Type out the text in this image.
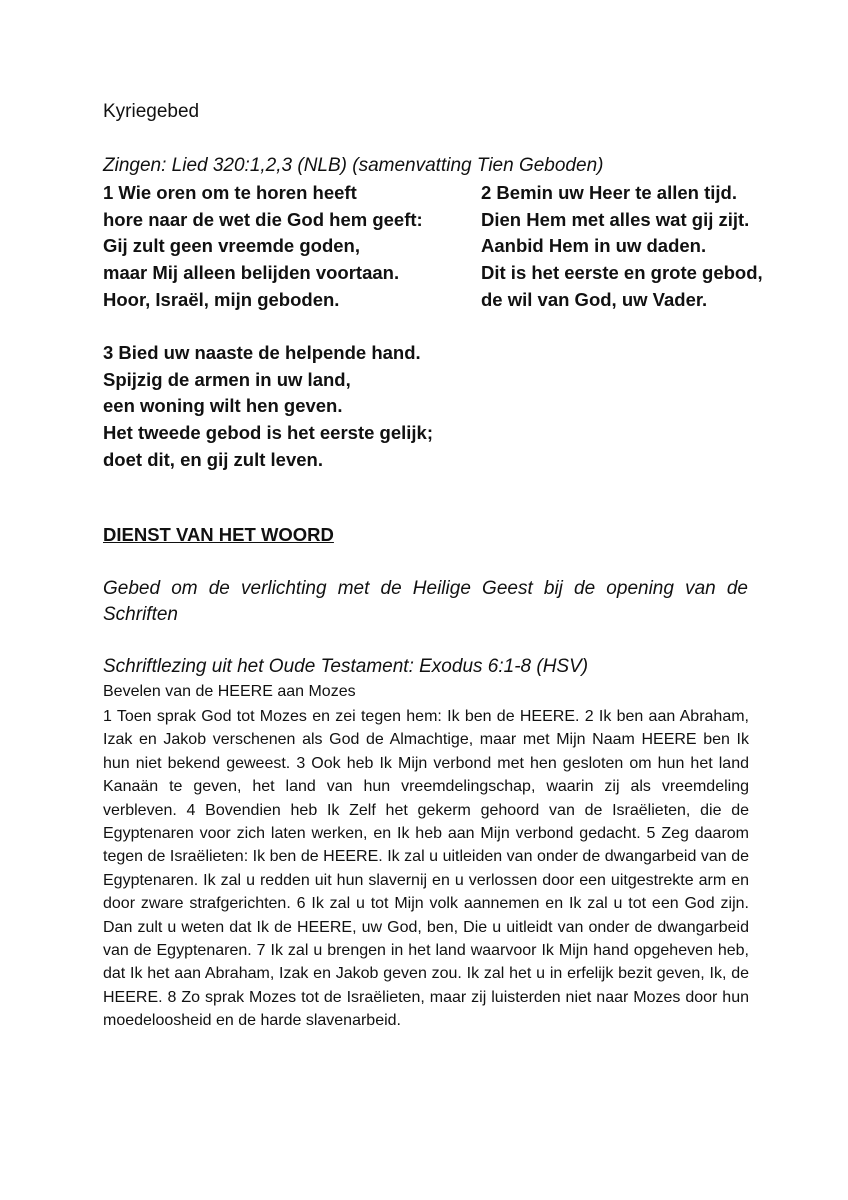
Kyriegebed

Zingen: Lied 320:1,2,3 (NLB) (samenvatting Tien Geboden)

1 Wie oren om te horen heeft
hore naar de wet die God hem geeft:
Gij zult geen vreemde goden,
maar Mij alleen belijden voortaan.
Hoor, Israël, mijn geboden.
2 Bemin uw Heer te allen tijd.
Dien Hem met alles wat gij zijt.
Aanbid Hem in uw daden.
Dit is het eerste en grote gebod,
de wil van God, uw Vader.
3 Bied uw naaste de helpende hand.
Spijzig de armen in uw land,
een woning wilt hen geven.
Het tweede gebod is het eerste gelijk;
doet dit, en gij zult leven.

DIENST VAN HET WOORD

Gebed om de verlichting met de Heilige Geest bij de opening van de
Schriften

Schriftlezing uit het Oude Testament: Exodus 6:1-8 (HSV)

Bevelen van de HEERE aan Mozes

1 Toen sprak God tot Mozes en zei tegen hem: Ik ben de HEERE. 2 Ik ben aan Abraham, Izak en Jakob verschenen als God de Almachtige, maar met Mijn Naam HEERE ben Ik hun niet bekend geweest. 3 Ook heb Ik Mijn verbond met hen gesloten om hun het land Kanaän te geven, het land van hun vreemdelingschap, waarin zij als vreemdeling verbleven. 4 Bovendien heb Ik Zelf het gekerm gehoord van de Israëlieten, die de Egyptenaren voor zich laten werken, en Ik heb aan Mijn verbond gedacht. 5 Zeg daarom tegen de Israëlieten: Ik ben de HEERE. Ik zal u uitleiden van onder de dwangarbeid van de Egyptenaren. Ik zal u redden uit hun slavernij en u verlossen door een uitgestrekte arm en door zware strafgerichten. 6 Ik zal u tot Mijn volk aannemen en Ik zal u tot een God zijn. Dan zult u weten dat Ik de HEERE, uw God, ben, Die u uitleidt van onder de dwangarbeid van de Egyptenaren. 7 Ik zal u brengen in het land waarvoor Ik Mijn hand opgeheven heb, dat Ik het aan Abraham, Izak en Jakob geven zou. Ik zal het u in erfelijk bezit geven, Ik, de HEERE. 8 Zo sprak Mozes tot de Israëlieten, maar zij luisterden niet naar Mozes door hun moedeloosheid en de harde slavenarbeid.
